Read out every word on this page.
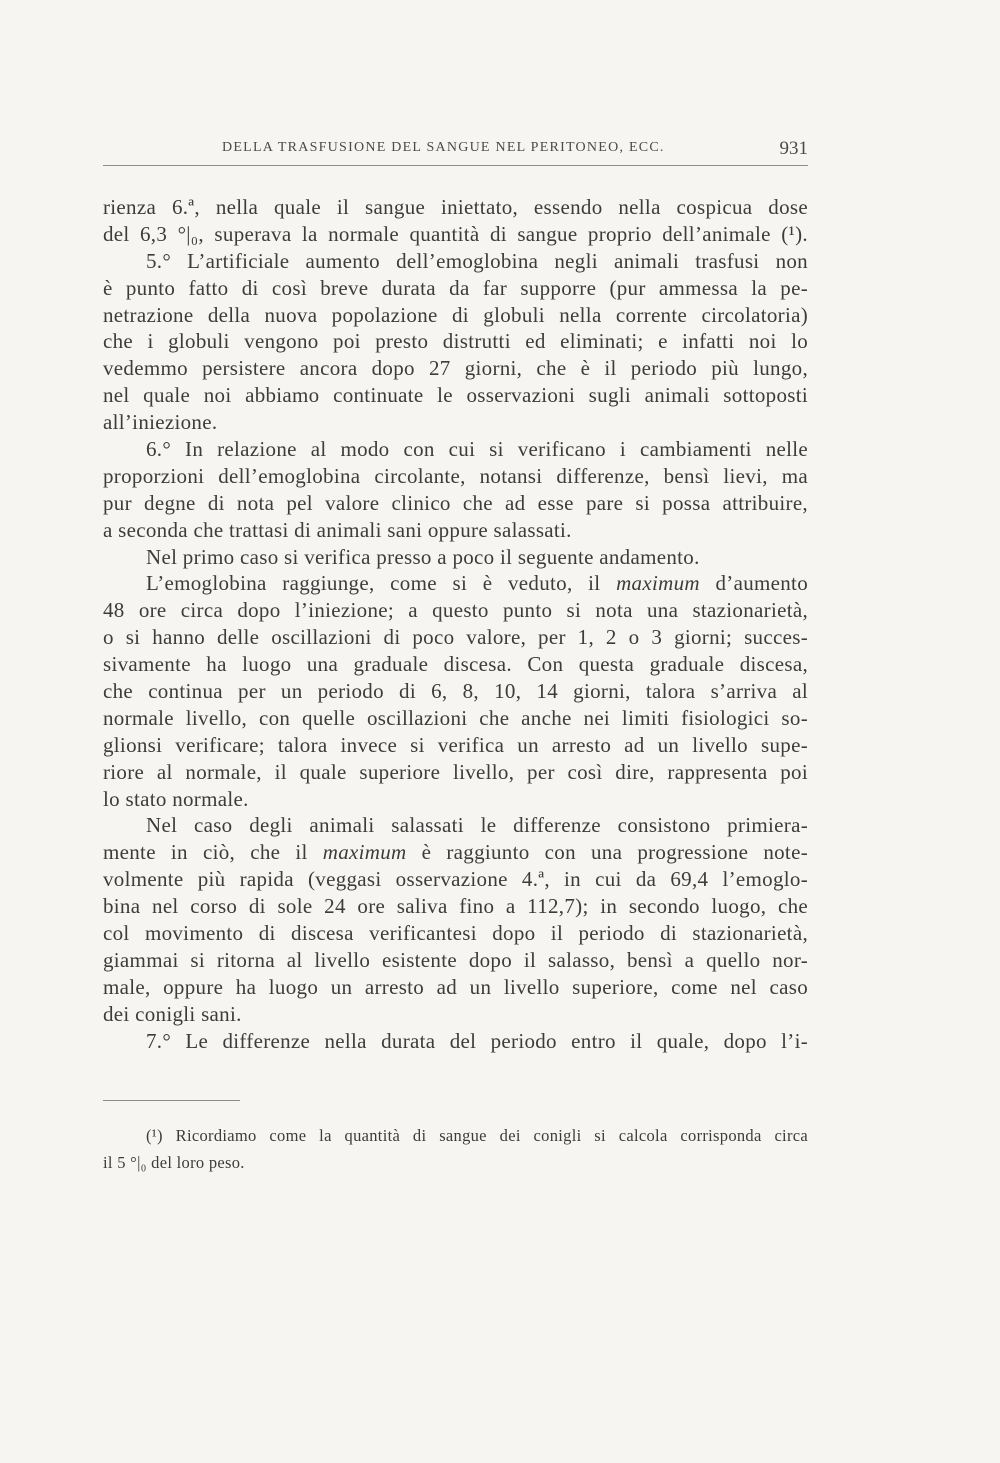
DELLA TRASFUSIONE DEL SANGUE NEL PERITONEO, ECC.	931
rienza 6.ª, nella quale il sangue iniettato, essendo nella cospicua dose
del 6,3 °|₀, superava la normale quantità di sangue proprio dell’animale (¹).
5.° L’artificiale aumento dell’emoglobina negli animali trasfusi non
è punto fatto di così breve durata da far supporre (pur ammessa la pe-
netrazione della nuova popolazione di globuli nella corrente circolatoria)
che i globuli vengono poi presto distrutti ed eliminati; e infatti noi lo
vedemmo persistere ancora dopo 27 giorni, che è il periodo più lungo,
nel quale noi abbiamo continuate le osservazioni sugli animali sottoposti
all’iniezione.
6.° In relazione al modo con cui si verificano i cambiamenti nelle
proporzioni dell’emoglobina circolante, notansi differenze, bensì lievi, ma
pur degne di nota pel valore clinico che ad esse pare si possa attribuire,
a seconda che trattasi di animali sani oppure salassati.
Nel primo caso si verifica presso a poco il seguente andamento.
L’emoglobina raggiunge, come si è veduto, il maximum d’aumento
48 ore circa dopo l’iniezione; a questo punto si nota una stazionarietà,
o si hanno delle oscillazioni di poco valore, per 1, 2 o 3 giorni; succes-
sivamente ha luogo una graduale discesa. Con questa graduale discesa,
che continua per un periodo di 6, 8, 10, 14 giorni, talora s’arriva al
normale livello, con quelle oscillazioni che anche nei limiti fisiologici so-
glionsi verificare; talora invece si verifica un arresto ad un livello supe-
riore al normale, il quale superiore livello, per così dire, rappresenta poi
lo stato normale.
Nel caso degli animali salassati le differenze consistono primiera-
mente in ciò, che il maximum è raggiunto con una progressione note-
volmente più rapida (veggasi osservazione 4.ª, in cui da 69,4 l’emoglo-
bina nel corso di sole 24 ore saliva fino a 112,7); in secondo luogo, che
col movimento di discesa verificantesi dopo il periodo di stazionarietà,
giammai si ritorna al livello esistente dopo il salasso, bensì a quello nor-
male, oppure ha luogo un arresto ad un livello superiore, come nel caso
dei conigli sani.
7.° Le differenze nella durata del periodo entro il quale, dopo l’i-
(¹) Ricordiamo come la quantità di sangue dei conigli si calcola corrisponda circa
il 5 °|₀ del loro peso.
